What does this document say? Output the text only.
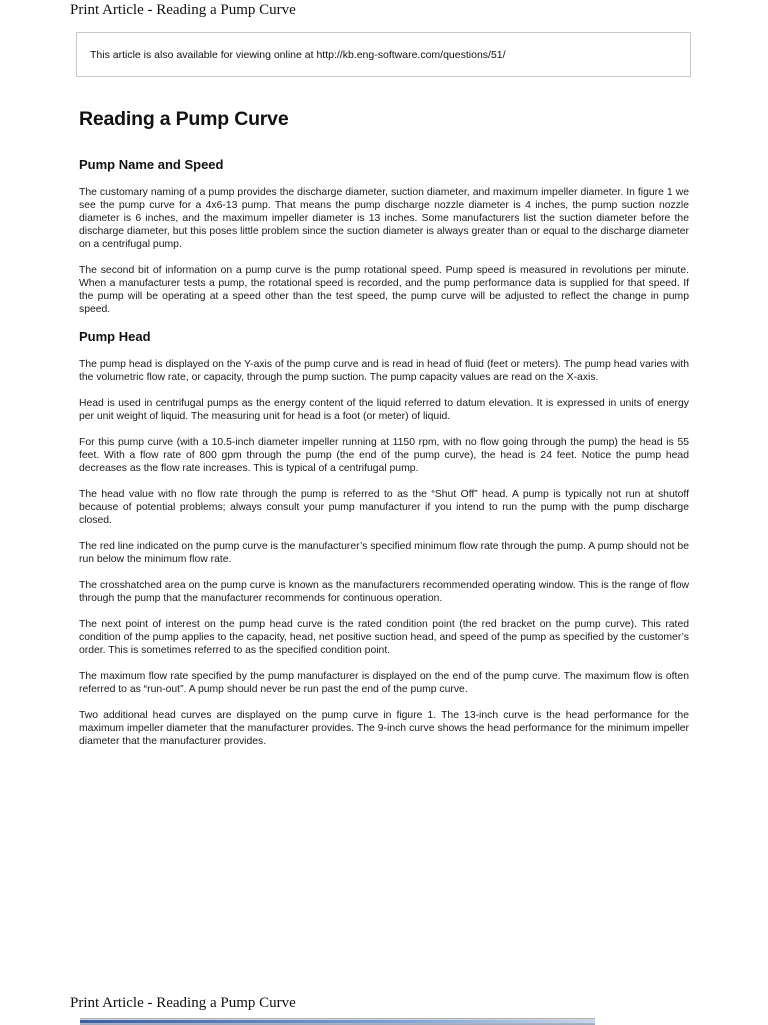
Print Article - Reading a Pump Curve
This article is also available for viewing online at http://kb.eng-software.com/questions/51/
Reading a Pump Curve
Pump Name and Speed

The customary naming of a pump provides the discharge diameter, suction diameter, and maximum impeller diameter. In figure 1 we see the pump curve for a 4x6-13 pump. That means the pump discharge nozzle diameter is 4 inches, the pump suction nozzle diameter is 6 inches, and the maximum impeller diameter is 13 inches. Some manufacturers list the suction diameter before the discharge diameter, but this poses little problem since the suction diameter is always greater than or equal to the discharge diameter on a centrifugal pump.

The second bit of information on a pump curve is the pump rotational speed. Pump speed is measured in revolutions per minute. When a manufacturer tests a pump, the rotational speed is recorded, and the pump performance data is supplied for that speed. If the pump will be operating at a speed other than the test speed, the pump curve will be adjusted to reflect the change in pump speed.

Pump Head

The pump head is displayed on the Y-axis of the pump curve and is read in head of fluid (feet or meters). The pump head varies with the volumetric flow rate, or capacity, through the pump suction. The pump capacity values are read on the X-axis.

Head is used in centrifugal pumps as the energy content of the liquid referred to datum elevation. It is expressed in units of energy per unit weight of liquid. The measuring unit for head is a foot (or meter) of liquid.

For this pump curve (with a 10.5-inch diameter impeller running at 1150 rpm, with no flow going through the pump) the head is 55 feet. With a flow rate of 800 gpm through the pump (the end of the pump curve), the head is 24 feet. Notice the pump head decreases as the flow rate increases. This is typical of a centrifugal pump.

The head value with no flow rate through the pump is referred to as the “Shut Off” head. A pump is typically not run at shutoff because of potential problems; always consult your pump manufacturer if you intend to run the pump with the pump discharge closed.

The red line indicated on the pump curve is the manufacturer’s specified minimum flow rate through the pump. A pump should not be run below the minimum flow rate.

The crosshatched area on the pump curve is known as the manufacturers recommended operating window. This is the range of flow through the pump that the manufacturer recommends for continuous operation.

The next point of interest on the pump head curve is the rated condition point (the red bracket on the pump curve). This rated condition of the pump applies to the capacity, head, net positive suction head, and speed of the pump as specified by the customer’s order. This is sometimes referred to as the specified condition point.

The maximum flow rate specified by the pump manufacturer is displayed on the end of the pump curve. The maximum flow is often referred to as “run-out”. A pump should never be run past the end of the pump curve.

Two additional head curves are displayed on the pump curve in figure 1. The 13-inch curve is the head performance for the maximum impeller diameter that the manufacturer provides. The 9-inch curve shows the head performance for the minimum impeller diameter that the manufacturer provides.

Print Article - Reading a Pump Curve
